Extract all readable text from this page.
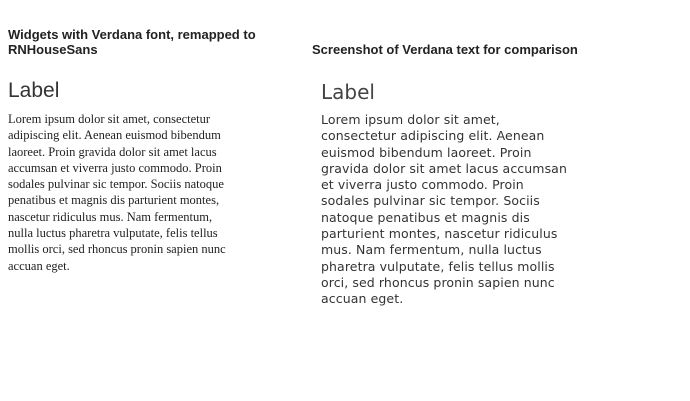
Widgets with Verdana font, remapped to RNHouseSans
Label

Lorem ipsum dolor sit amet, consectetur adipiscing elit. Aenean euismod bibendum laoreet. Proin gravida dolor sit amet lacus accumsan et viverra justo commodo. Proin sodales pulvinar sic tempor. Sociis natoque penatibus et magnis dis parturient montes, nascetur ridiculus mus. Nam fermentum, nulla luctus pharetra vulputate, felis tellus mollis orci, sed rhoncus pronin sapien nunc accuan eget.

Screenshot of Verdana text for comparison
Label

Lorem ipsum dolor sit amet, consectetur adipiscing elit. Aenean euismod bibendum laoreet. Proin gravida dolor sit amet lacus accumsan et viverra justo commodo. Proin sodales pulvinar sic tempor. Sociis natoque penatibus et magnis dis parturient montes, nascetur ridiculus mus. Nam fermentum, nulla luctus pharetra vulputate, felis tellus mollis orci, sed rhoncus pronin sapien nunc accuan eget.
